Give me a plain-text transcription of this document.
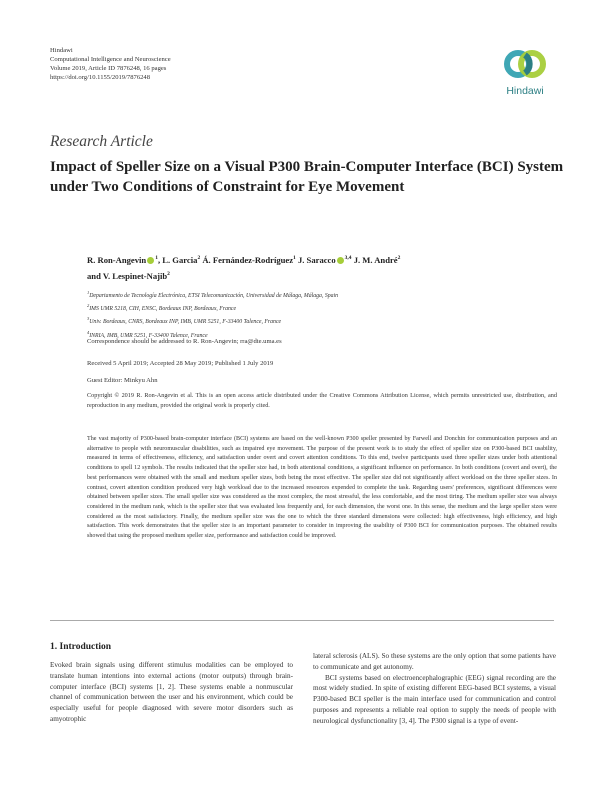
Hindawi
Computational Intelligence and Neuroscience
Volume 2019, Article ID 7876248, 16 pages
https://doi.org/10.1155/2019/7876248
Hindawi
Research Article
Impact of Speller Size on a Visual P300 Brain-Computer Interface (BCI) System under Two Conditions of Constraint for Eye Movement
R. Ron-Angevin $^1$, L. Garcia$^2$ Á. Fernández-Rodríguez$^1$ J. Saracco $^{3,4}$ J. M. André$^2$
and V. Lespinet-Najib$^2$
$^1$Departamento de Tecnología Electrónica, ETSI Telecomunicación, Universidad de Málaga, Málaga, Spain
$^2$IMS UMR 5218, CIH, ENSC, Bordeaux INP, Bordeaux, France
$^3$Univ. Bordeaux, CNRS, Bordeaux INP, IMB, UMR 5251, F-33400 Talence, France
$^4$INRIA, IMB, UMR 5251, F-33400 Talence, France
Correspondence should be addressed to R. Ron-Angevin; rra@dte.uma.es
Received 5 April 2019; Accepted 28 May 2019; Published 1 July 2019
Guest Editor: Minkyu Ahn
Copyright © 2019 R. Ron-Angevin et al. This is an open access article distributed under the Creative Commons Attribution License, which permits unrestricted use, distribution, and reproduction in any medium, provided the original work is properly cited.
The vast majority of P300-based brain-computer interface (BCI) systems are based on the well-known P300 speller presented by Farwell and Donchin for communication purposes and an alternative to people with neuromuscular disabilities, such as impaired eye movement. The purpose of the present work is to study the effect of speller size on P300-based BCI usability, measured in terms of effectiveness, efficiency, and satisfaction under overt and covert attention conditions. To this end, twelve participants used three speller sizes under both attentional conditions to spell 12 symbols. The results indicated that the speller size had, in both attentional conditions, a significant influence on performance. In both conditions (covert and overt), the best performances were obtained with the small and medium speller sizes, both being the most effective. The speller size did not significantly affect workload on the three speller sizes. In contrast, covert attention condition produced very high workload due to the increased resources expended to complete the task. Regarding users' preferences, significant differences were obtained between speller sizes. The small speller size was considered as the most complex, the most stressful, the less comfortable, and the most tiring. The medium speller size was always considered in the medium rank, which is the speller size that was evaluated less frequently and, for each dimension, the worst one. In this sense, the medium and the large speller sizes were considered as the most satisfactory. Finally, the medium speller size was the one to which the three standard dimensions were collected: high effectiveness, high efficiency, and high satisfaction. This work demonstrates that the speller size is an important parameter to consider in improving the usability of P300 BCI for communication purposes. The obtained results showed that using the proposed medium speller size, performance and satisfaction could be improved.
1. Introduction

Evoked brain signals using different stimulus modalities can be employed to translate human intentions into external actions (motor outputs) through brain-computer interface (BCI) systems [1, 2]. These systems enable a nonmuscular channel of communication between the user and his environment, which could be especially useful for people diagnosed with severe motor disorders such as amyotrophic

lateral sclerosis (ALS). So these systems are the only option that some patients have to communicate and get autonomy.

BCI systems based on electroencephalographic (EEG) signal recording are the most widely studied. In spite of existing different EEG-based BCI systems, a visual P300-based BCI speller is the main interface used for communication and control purposes and represents a reliable real option to supply the needs of people with neurological dysfunctionality [3, 4]. The P300 signal is a type of event-
